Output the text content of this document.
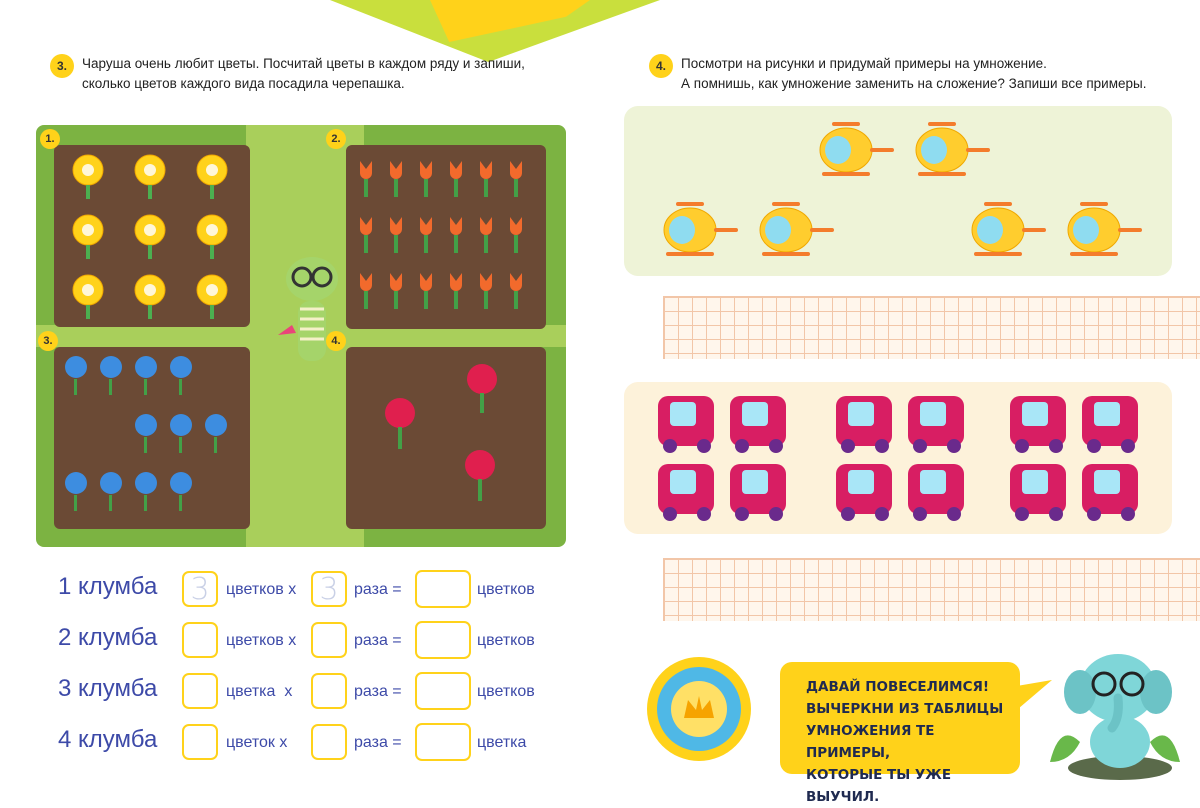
3.	Чаруша очень любит цветы. Посчитай цветы в каждом ряду и запиши,
сколько цветов каждого вида посадила черепашка.
1.	2.
3.	4.
1 клумба 3	цветков х 3 раза =	цветков
2 клумба	цветков х	раза =	цветков
3 клумба	цветка  х	раза =	цветков
4 клумба	цветок х	раза =	цветка
4.	Посмотри на рисунки и придумай примеры на умножение.
А помнишь, как умножение заменить на сложение? Запиши все примеры.
ДАВАЙ ПОВЕСЕЛИМСЯ!
ВЫЧЕРКНИ ИЗ ТАБЛИЦЫ
УМНОЖЕНИЯ ТЕ ПРИМЕРЫ,
КОТОРЫЕ ТЫ УЖЕ ВЫУЧИЛ.
